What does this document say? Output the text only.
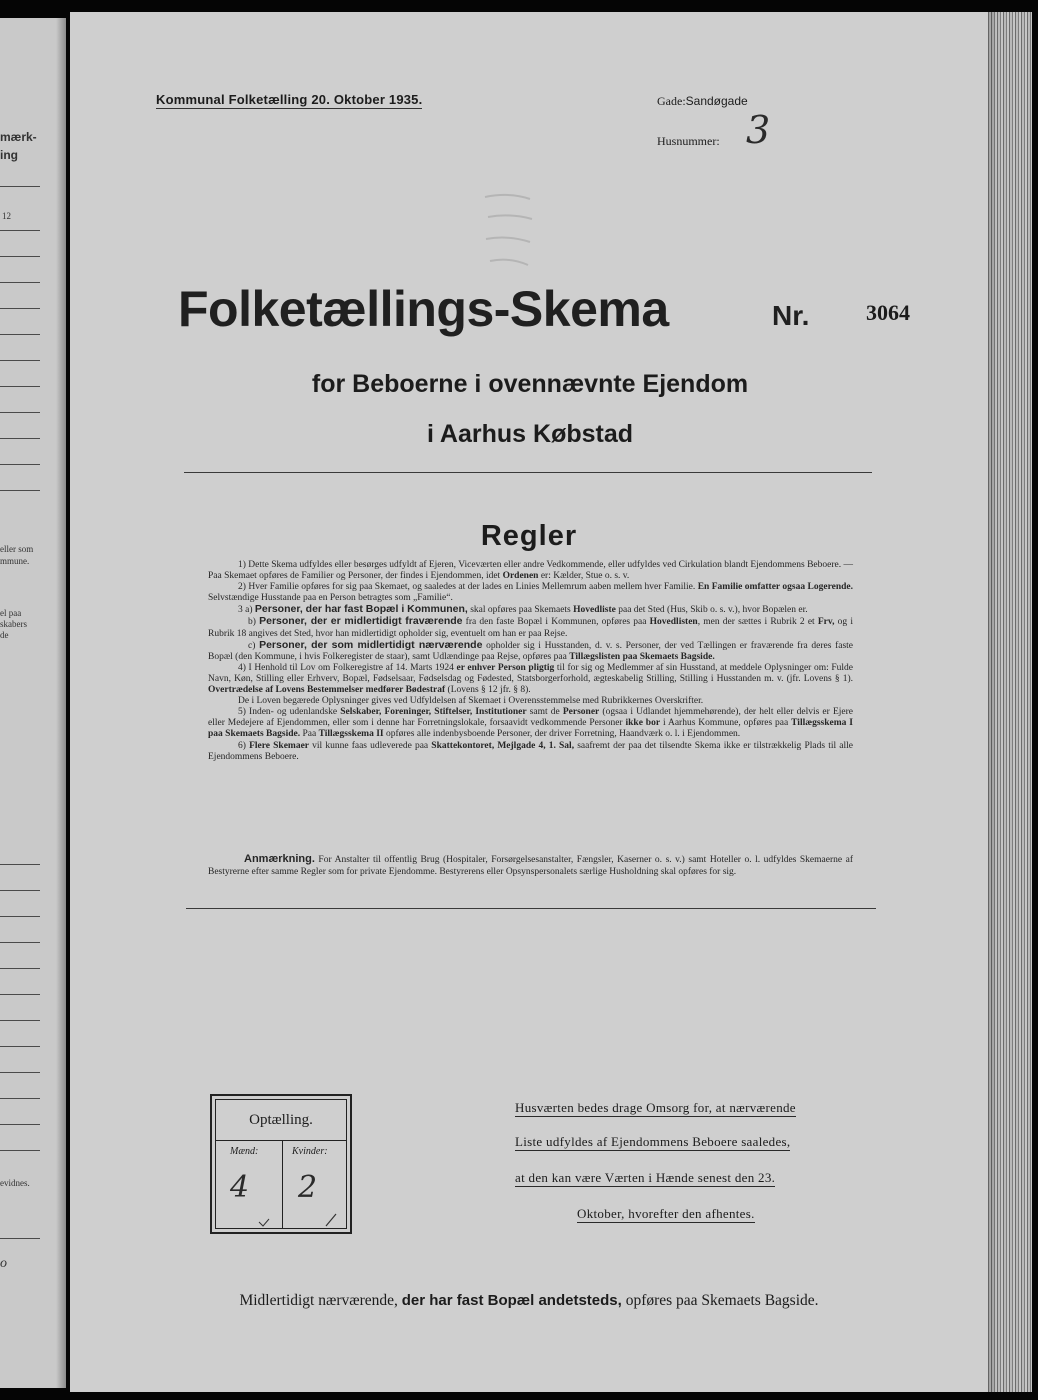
mærk-
ing
12
eller som
mmune.
el paa
skabers
de
evidnes.
o
Kommunal Folketælling 20. Oktober 1935.	Gade:Sandøgade
Husnummer: 3
Folketællings-Skema	Nr.	3064
for Beboerne i ovennævnte Ejendom
i Aarhus Købstad
Regler

1) Dette Skema udfyldes eller besørges udfyldt af Ejeren, Viceværten eller andre Vedkommende, eller udfyldes ved Cirkulation blandt Ejendommens Beboere. — Paa Skemaet opføres de Familier og Personer, der findes i Ejendommen, idet Ordenen er: Kælder, Stue o. s. v.

2) Hver Familie opføres for sig paa Skemaet, og saaledes at der lades en Linies Mellemrum aaben mellem hver Familie. En Familie omfatter ogsaa Logerende. Selvstændige Husstande paa en Person betragtes som „Familie“.

3 a) Personer, der har fast Bopæl i Kommunen, skal opføres paa Skemaets Hovedliste paa det Sted (Hus, Skib o. s. v.), hvor Bopælen er.

b) Personer, der er midlertidigt fraværende fra den faste Bopæl i Kommunen, opføres paa Hovedlisten, men der sættes i Rubrik 2 et Frv, og i Rubrik 18 angives det Sted, hvor han midlertidigt opholder sig, eventuelt om han er paa Rejse.

c) Personer, der som midlertidigt nærværende opholder sig i Husstanden, d. v. s. Personer, der ved Tællingen er fraværende fra deres faste Bopæl (den Kommune, i hvis Folkeregister de staar), samt Udlændinge paa Rejse, opføres paa Tillægslisten paa Skemaets Bagside.

4) I Henhold til Lov om Folkeregistre af 14. Marts 1924 er enhver Person pligtig til for sig og Medlemmer af sin Husstand, at meddele Oplysninger om: Fulde Navn, Køn, Stilling eller Erhverv, Bopæl, Fødselsaar, Fødselsdag og Fødested, Statsborgerforhold, ægteskabelig Stilling, Stilling i Husstanden m. v. (jfr. Lovens § 1). Overtrædelse af Lovens Bestemmelser medfører Bødestraf (Lovens § 12 jfr. § 8).

De i Loven begærede Oplysninger gives ved Udfyldelsen af Skemaet i Overensstemmelse med Rubrikkernes Overskrifter.

5) Inden- og udenlandske Selskaber, Foreninger, Stiftelser, Institutioner samt de Personer (ogsaa i Udlandet hjemmehørende), der helt eller delvis er Ejere eller Medejere af Ejendommen, eller som i denne har Forretningslokale, forsaavidt vedkommende Personer ikke bor i Aarhus Kommune, opføres paa Tillægsskema I paa Skemaets Bagside. Paa Tillægsskema II opføres alle indenbysboende Personer, der driver Forretning, Haandværk o. l. i Ejendommen.

6) Flere Skemaer vil kunne faas udleverede paa Skattekontoret, Mejlgade 4, 1. Sal, saafremt der paa det tilsendte Skema ikke er tilstrækkelig Plads til alle Ejendommens Beboere.

Anmærkning. For Anstalter til offentlig Brug (Hospitaler, Forsørgelsesanstalter, Fængsler, Kaserner o. s. v.) samt Hoteller o. l. udfyldes Skemaerne af Bestyrerne efter samme Regler som for private Ejendomme. Bestyrerens eller Opsynspersonalets særlige Husholdning skal opføres for sig.

Optælling.
Mænd:	Kvinder:
4 2
Husværten bedes drage Omsorg for, at nærværende
Liste udfyldes af Ejendommens Beboere saaledes,
at den kan være Værten i Hænde senest den 23.
Oktober, hvorefter den afhentes.
Midlertidigt nærværende, der har fast Bopæl andetsteds, opføres paa Skemaets Bagside.
